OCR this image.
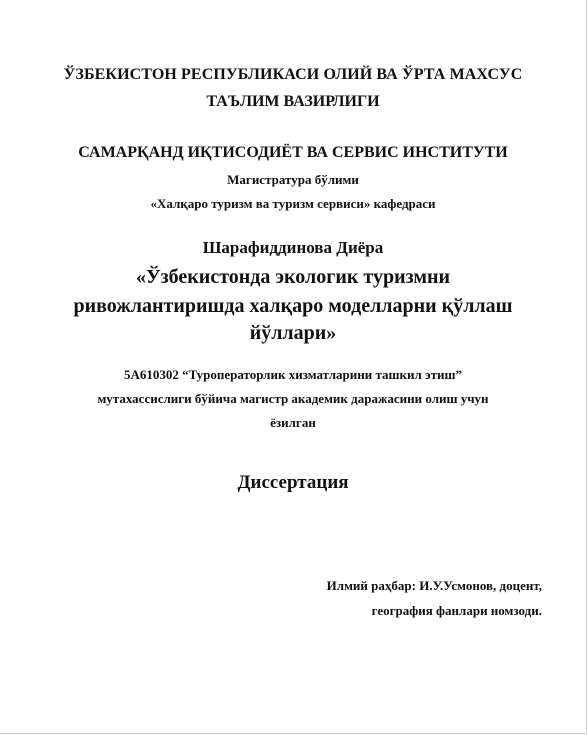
ЎЗБЕКИСТОН РЕСПУБЛИКАСИ ОЛИЙ ВА ЎРТА МАХСУС

ТАЪЛИМ ВАЗИРЛИГИ

САМАРҚАНД ИҚТИСОДИЁТ ВА СЕРВИС ИНСТИТУТИ

Магистратура бўлими

«Халқаро туризм ва туризм сервиси» кафедраси

Шарафиддинова Диёра

«Ўзбекистонда экологик туризмни

ривожлантиришда халқаро моделларни қўллаш

йўллари»

5A610302 “Туроператорлик хизматларини ташкил этиш”

мутахассислиги бўйича магистр академик даражасини олиш учун

ёзилган

Диссертация

Илмий раҳбар: И.У.Усмонов, доцент,

география фанлари номзоди.
